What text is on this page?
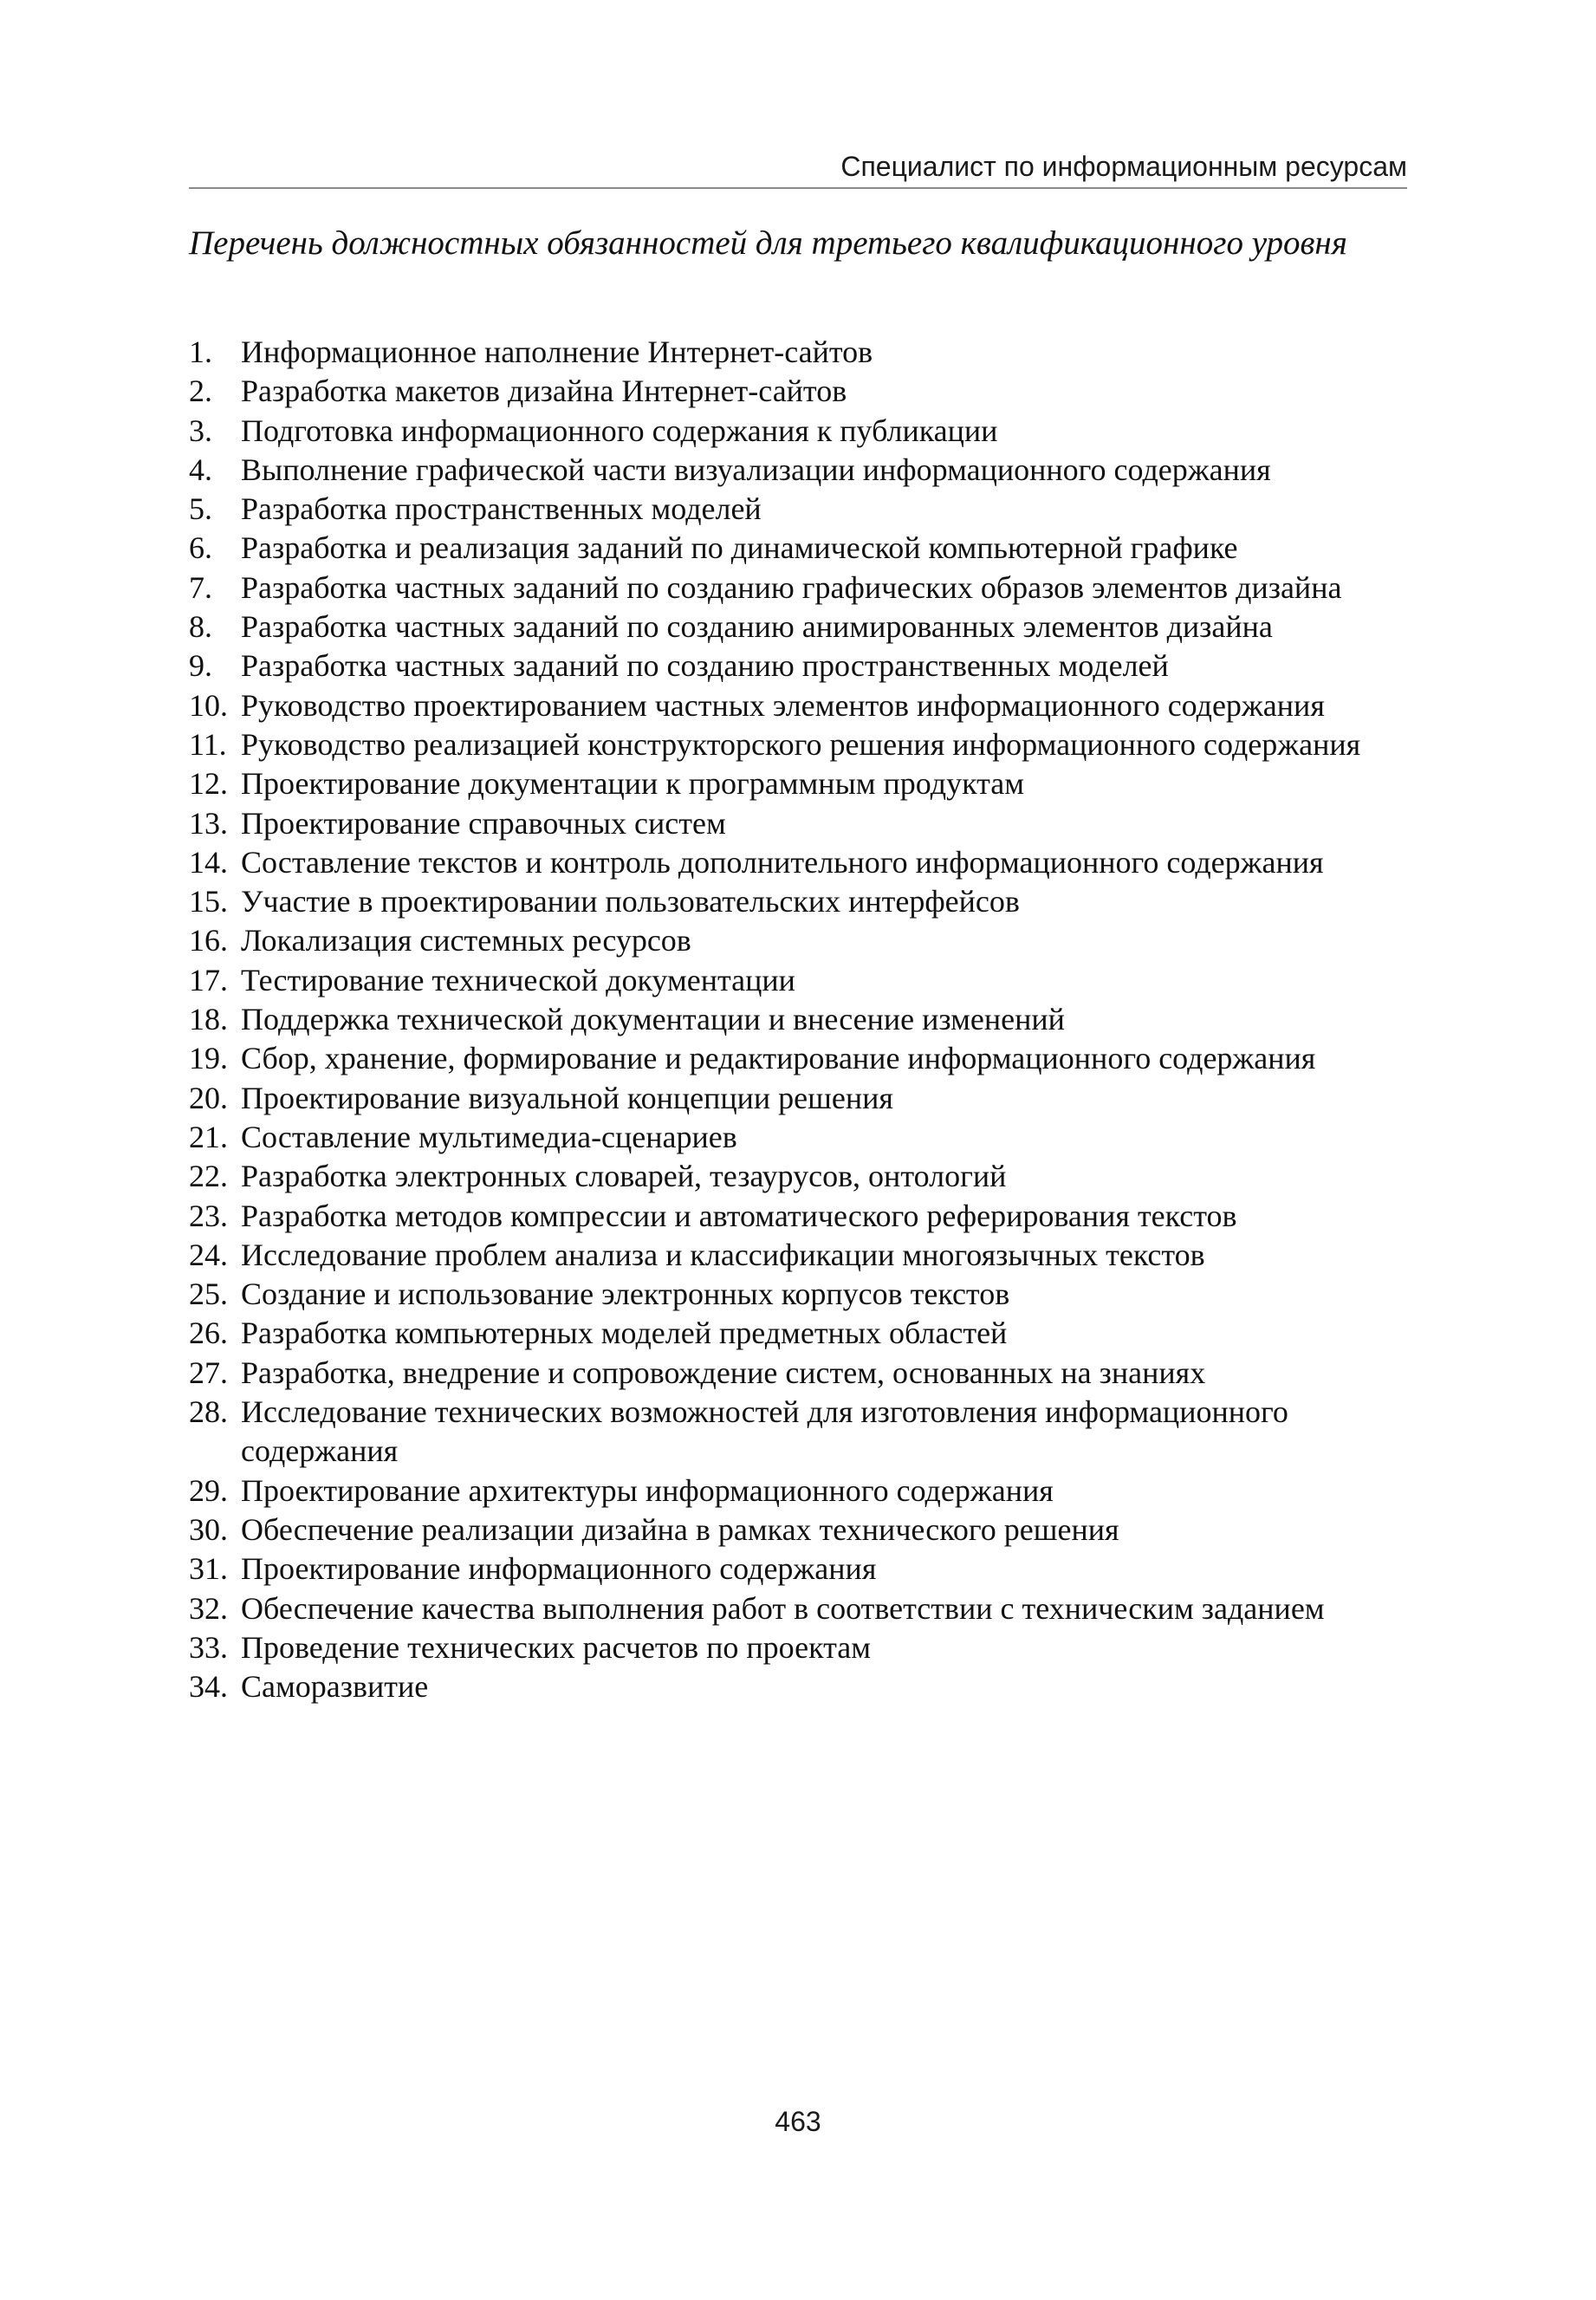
Специалист по информационным ресурсам
Перечень должностных обязанностей для третьего квалификационного уровня
1. Информационное наполнение Интернет-сайтов
2. Разработка макетов дизайна Интернет-сайтов
3. Подготовка информационного содержания к публикации
4. Выполнение графической части визуализации информационного содержания
5. Разработка пространственных моделей
6. Разработка и реализация заданий по динамической компьютерной графике
7. Разработка частных заданий по созданию графических образов элементов дизайна
8. Разработка частных заданий по созданию анимированных элементов дизайна
9. Разработка частных заданий по созданию пространственных моделей
10. Руководство проектированием частных элементов информационного содержания
11. Руководство реализацией конструкторского решения информационного содержания
12. Проектирование документации к программным продуктам
13. Проектирование справочных систем
14. Составление текстов и контроль дополнительного информационного содержания
15. Участие в проектировании пользовательских интерфейсов
16. Локализация системных ресурсов
17. Тестирование технической документации
18. Поддержка технической документации и внесение изменений
19. Сбор, хранение, формирование и редактирование информационного содержания
20. Проектирование визуальной концепции решения
21. Составление мультимедиа-сценариев
22. Разработка электронных словарей, тезаурусов, онтологий
23. Разработка методов компрессии и автоматического реферирования текстов
24. Исследование проблем анализа и классификации многоязычных текстов
25. Создание и использование электронных корпусов текстов
26. Разработка компьютерных моделей предметных областей
27. Разработка, внедрение и сопровождение систем, основанных на знаниях
28. Исследование технических возможностей для изготовления информационного содержания
29. Проектирование архитектуры информационного содержания
30. Обеспечение реализации дизайна в рамках технического решения
31. Проектирование информационного содержания
32. Обеспечение качества выполнения работ в соответствии с техническим заданием
33. Проведение технических расчетов по проектам
34. Саморазвитие
463
